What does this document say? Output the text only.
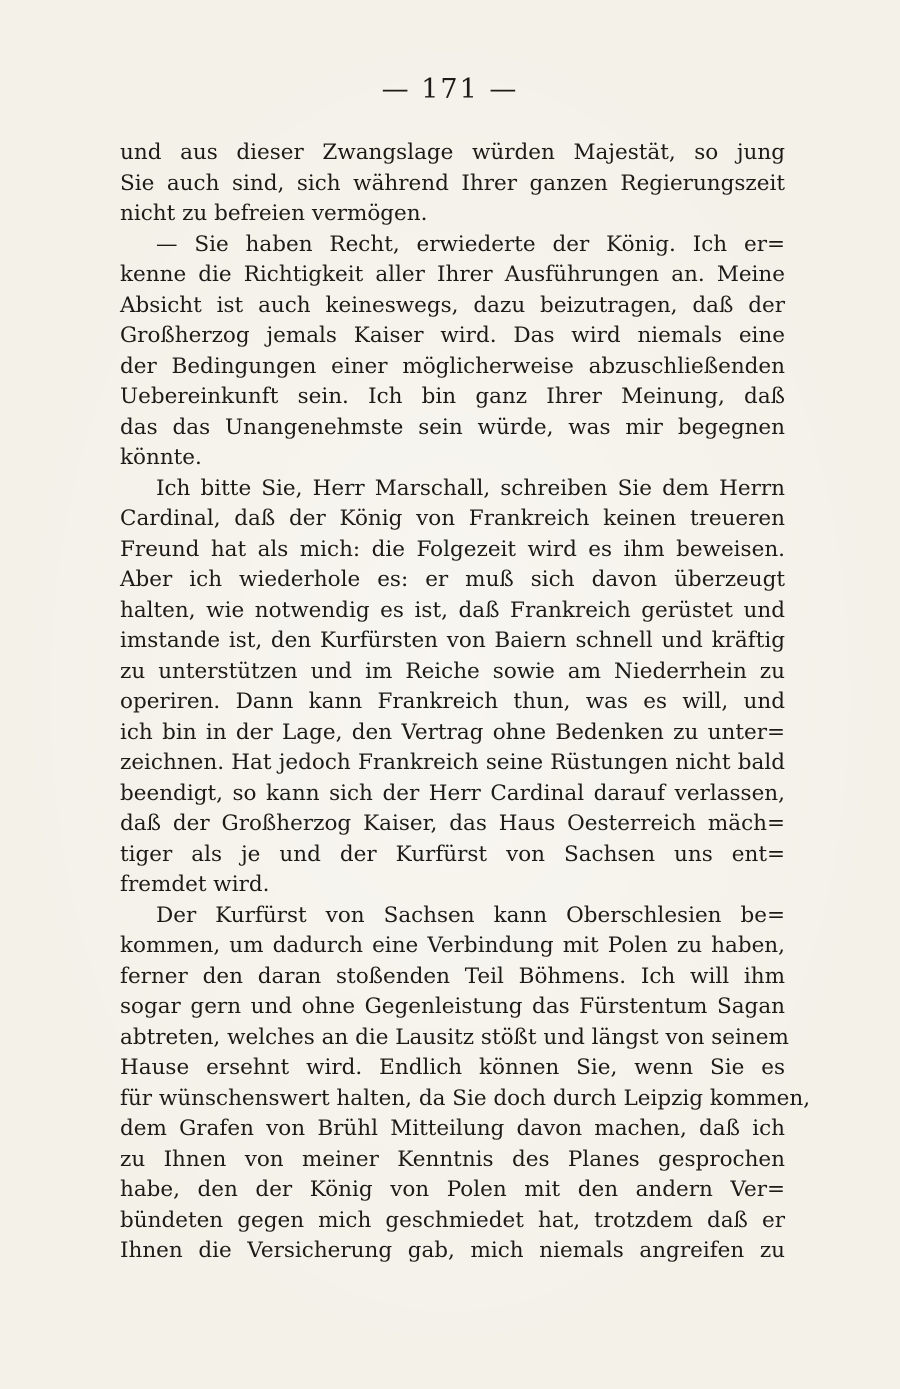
— 171 —
und aus dieser Zwangslage würden Majestät, so jung
Sie auch sind, sich während Ihrer ganzen Regierungszeit
nicht zu befreien vermögen.
— Sie haben Recht, erwiederte der König. Ich er=
kenne die Richtigkeit aller Ihrer Ausführungen an. Meine
Absicht ist auch keineswegs, dazu beizutragen, daß der
Großherzog jemals Kaiser wird. Das wird niemals eine
der Bedingungen einer möglicherweise abzuschließenden
Uebereinkunft sein. Ich bin ganz Ihrer Meinung, daß
das das Unangenehmste sein würde, was mir begegnen
könnte.
Ich bitte Sie, Herr Marschall, schreiben Sie dem Herrn
Cardinal, daß der König von Frankreich keinen treueren
Freund hat als mich: die Folgezeit wird es ihm beweisen.
Aber ich wiederhole es: er muß sich davon überzeugt
halten, wie notwendig es ist, daß Frankreich gerüstet und
imstande ist, den Kurfürsten von Baiern schnell und kräftig
zu unterstützen und im Reiche sowie am Niederrhein zu
operiren. Dann kann Frankreich thun, was es will, und
ich bin in der Lage, den Vertrag ohne Bedenken zu unter=
zeichnen. Hat jedoch Frankreich seine Rüstungen nicht bald
beendigt, so kann sich der Herr Cardinal darauf verlassen,
daß der Großherzog Kaiser, das Haus Oesterreich mäch=
tiger als je und der Kurfürst von Sachsen uns ent=
fremdet wird.
Der Kurfürst von Sachsen kann Oberschlesien be=
kommen, um dadurch eine Verbindung mit Polen zu haben,
ferner den daran stoßenden Teil Böhmens. Ich will ihm
sogar gern und ohne Gegenleistung das Fürstentum Sagan
abtreten, welches an die Lausitz stößt und längst von seinem
Hause ersehnt wird. Endlich können Sie, wenn Sie es
für wünschenswert halten, da Sie doch durch Leipzig kommen,
dem Grafen von Brühl Mitteilung davon machen, daß ich
zu Ihnen von meiner Kenntnis des Planes gesprochen
habe, den der König von Polen mit den andern Ver=
bündeten gegen mich geschmiedet hat, trotzdem daß er
Ihnen die Versicherung gab, mich niemals angreifen zu
